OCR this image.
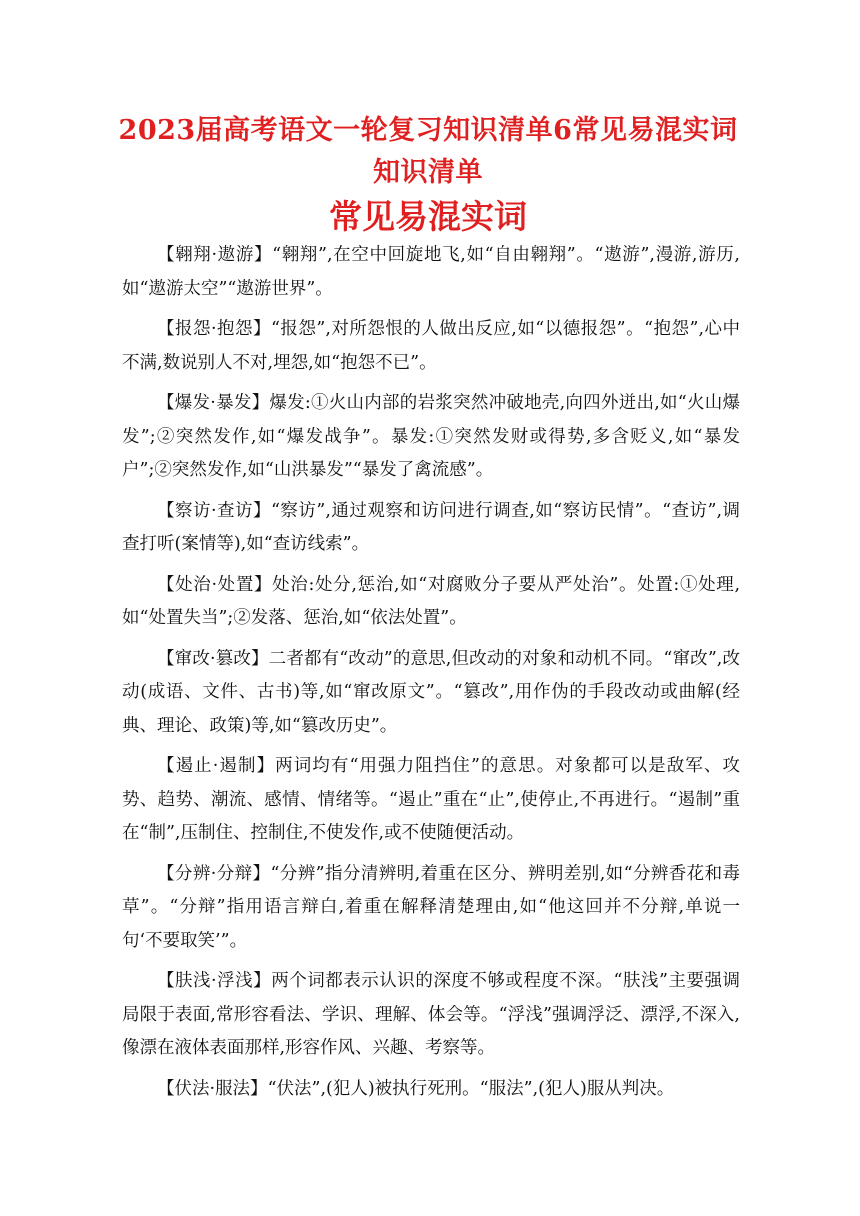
2023届高考语文一轮复习知识清单6常见易混实词知识清单
常见易混实词

【翱翔·遨游】“翱翔”,在空中回旋地飞,如“自由翱翔”。“遨游”,漫游,游历,如“遨游太空”“遨游世界”。

【报怨·抱怨】“报怨”,对所怨恨的人做出反应,如“以德报怨”。“抱怨”,心中不满,数说别人不对,埋怨,如“抱怨不已”。

【爆发·暴发】爆发:①火山内部的岩浆突然冲破地壳,向四外迸出,如“火山爆发”;②突然发作,如“爆发战争”。暴发:①突然发财或得势,多含贬义,如“暴发户”;②突然发作,如“山洪暴发”“暴发了禽流感”。

【察访·查访】“察访”,通过观察和访问进行调查,如“察访民情”。“查访”,调查打听(案情等),如“查访线索”。

【处治·处置】处治:处分,惩治,如“对腐败分子要从严处治”。处置:①处理,如“处置失当”;②发落、惩治,如“依法处置”。

【窜改·篡改】二者都有“改动”的意思,但改动的对象和动机不同。“窜改”,改动(成语、文件、古书)等,如“窜改原文”。“篡改”,用作伪的手段改动或曲解(经典、理论、政策)等,如“篡改历史”。

【遏止·遏制】两词均有“用强力阻挡住”的意思。对象都可以是敌军、攻势、趋势、潮流、感情、情绪等。“遏止”重在“止”,使停止,不再进行。“遏制”重在“制”,压制住、控制住,不使发作,或不使随便活动。

【分辨·分辩】“分辨”指分清辨明,着重在区分、辨明差别,如“分辨香花和毒草”。“分辩”指用语言辩白,着重在解释清楚理由,如“他这回并不分辩,单说一句‘不要取笑’”。

【肤浅·浮浅】两个词都表示认识的深度不够或程度不深。“肤浅”主要强调局限于表面,常形容看法、学识、理解、体会等。“浮浅”强调浮泛、漂浮,不深入,像漂在液体表面那样,形容作风、兴趣、考察等。

【伏法·服法】“伏法”,(犯人)被执行死刑。“服法”,(犯人)服从判决。
